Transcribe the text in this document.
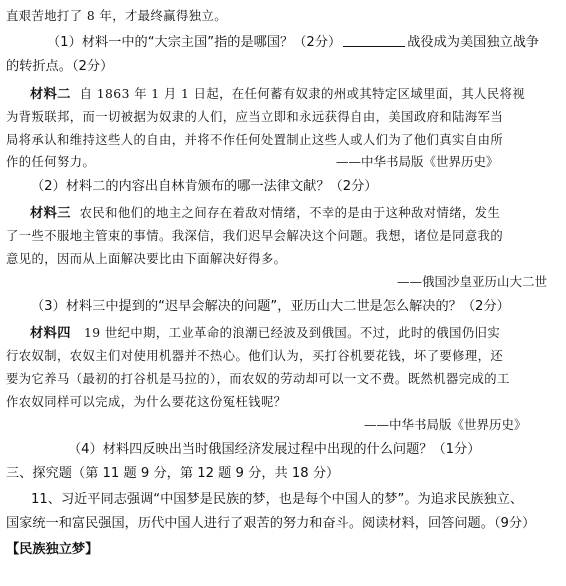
直艰苦地打了 8 年，才最终赢得独立。
（1）材料一中的“大宗主国”指的是哪国？（2分）	战役成为美国独立战争
的转折点。（2分）
材料二 自 1863 年 1 月 1 日起，在任何蓄有奴隶的州或其特定区域里面，其人民将视
为背叛联邦，而一切被据为奴隶的人们，应当立即和永远获得自由，美国政府和陆海军当
局将承认和维持这些人的自由，并将不作任何处置制止这些人或人们为了他们真实自由所
作的任何努力。	——中华书局版《世界历史》
（2）材料二的内容出自林肯颁布的哪一法律文献？（2分）
材料三 农民和他们的地主之间存在着敌对情绪，不幸的是由于这种敌对情绪，发生
了一些不服地主管束的事情。我深信，我们迟早会解决这个问题。我想，诸位是同意我的
意见的，因而从上面解决要比由下面解决好得多。
——俄国沙皇亚历山大二世
（3）材料三中提到的“迟早会解决的问题”，亚历山大二世是怎么解决的？（2分）
材料四 19 世纪中期，工业革命的浪潮已经波及到俄国。不过，此时的俄国仍旧实
行农奴制，农奴主们对使用机器并不热心。他们认为，买打谷机要花钱，坏了要修理，还
要为它养马（最初的打谷机是马拉的），而农奴的劳动却可以一文不费。既然机器完成的工
作农奴同样可以完成，为什么要花这份冤枉钱呢？
——中华书局版《世界历史》
（4）材料四反映出当时俄国经济发展过程中出现的什么问题？（1分）
三、探究题（第 11 题 9 分，第 12 题 9 分，共 18 分）
11、习近平同志强调“中国梦是民族的梦，也是每个中国人的梦”。为追求民族独立、
国家统一和富民强国，历代中国人进行了艰苦的努力和奋斗。阅读材料，回答问题。（9分）
【民族独立梦】
